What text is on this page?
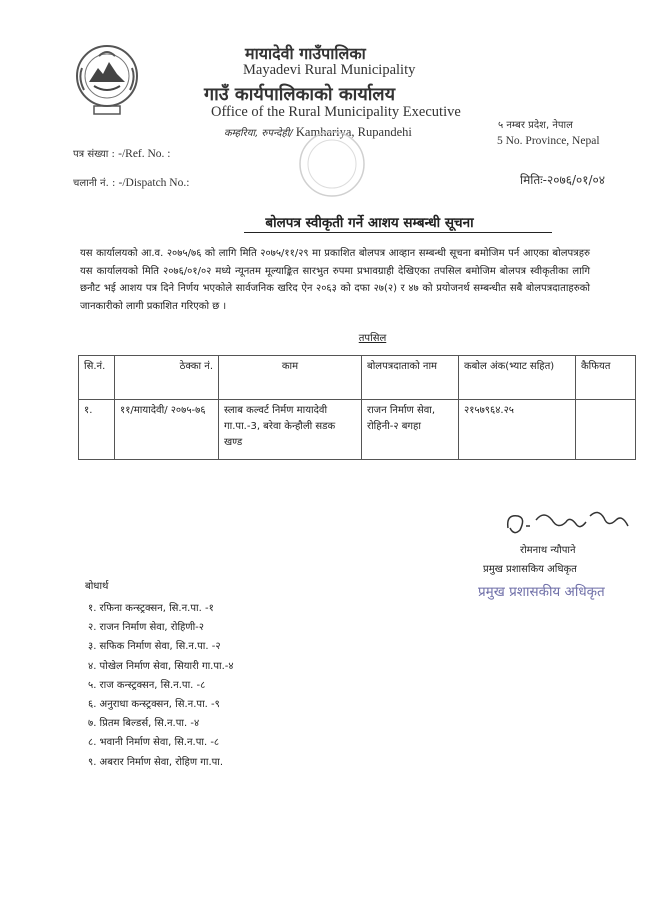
मायादेवी गाउँपालिका
Mayadevi Rural Municipality
गाउँ कार्यपालिकाको कार्यालय
Office of the Rural Municipality Executive
कम्हरिया, रुपन्देही/ Kamhariya, Rupandehi	५ नम्बर प्रदेश, नेपाल
5 No. Province, Nepal
पत्र संख्या : -/Ref. No. :
चलानी नं. : -/Dispatch No.:	मितिः-२०७६/०१/०४
बोलपत्र स्वीकृती गर्ने आशय सम्बन्धी सूचना
यस कार्यालयको आ.व. २०७५/७६ को लागि मिति २०७५/११/२९ मा प्रकाशित बोलपत्र आव्हान सम्बन्धी सूचना बमोजिम पर्न आएका बोलपत्रहरु यस कार्यालयको मिति २०७६/०१/०२ मध्ये न्यूनतम मूल्याङ्कित सारभुत रुपमा प्रभावग्राही देखिएका तपसिल बमोजिम बोलपत्र स्वीकृतीका लागि छनौट भई आशय पत्र दिने निर्णय भएकोले सार्वजनिक खरिद ऐन २०६३ को दफा २७(२) र ४७ को प्रयोजनर्थ सम्बन्धीत सबै बोलपत्रदाताहरुको जानकारीको लागी प्रकाशित गरिएको छ ।
तपसिल
सि.नं.	ठेक्का नं.	काम	बोलपत्रदाताको नाम	कबोल अंक(भ्याट सहित)	कैफियत
१.	११/मायादेवी/ २०७५-७६	स्लाब कल्वर्ट निर्मण मायादेवी गा.पा.-3, बरेवा केन्हौली सडक खण्ड	राजन निर्माण सेवा, रोहिनी-२ बगहा	२१५७९६४.२५	
रोमनाथ न्यौपाने
प्रमुख प्रशासकिय अधिकृत
प्रमुख प्रशासकीय अधिकृत
बोधार्थ
१. रफिना कन्स्ट्रक्सन, सि.न.पा. -१
२. राजन निर्माण सेवा, रोहिणी-२
३. सफिक निर्माण सेवा, सि.न.पा. -२
४. पोखेल निर्माण सेवा, सियारी गा.पा.-४
५. राज कन्स्ट्रक्सन, सि.न.पा. -८
६. अनुराधा कन्स्ट्रक्सन, सि.न.पा. -९
७. प्रितम बिल्डर्स, सि.न.पा. -४
८. भवानी निर्माण सेवा, सि.न.पा. -८
९. अबरार निर्माण सेवा, रोहिण गा.पा.
